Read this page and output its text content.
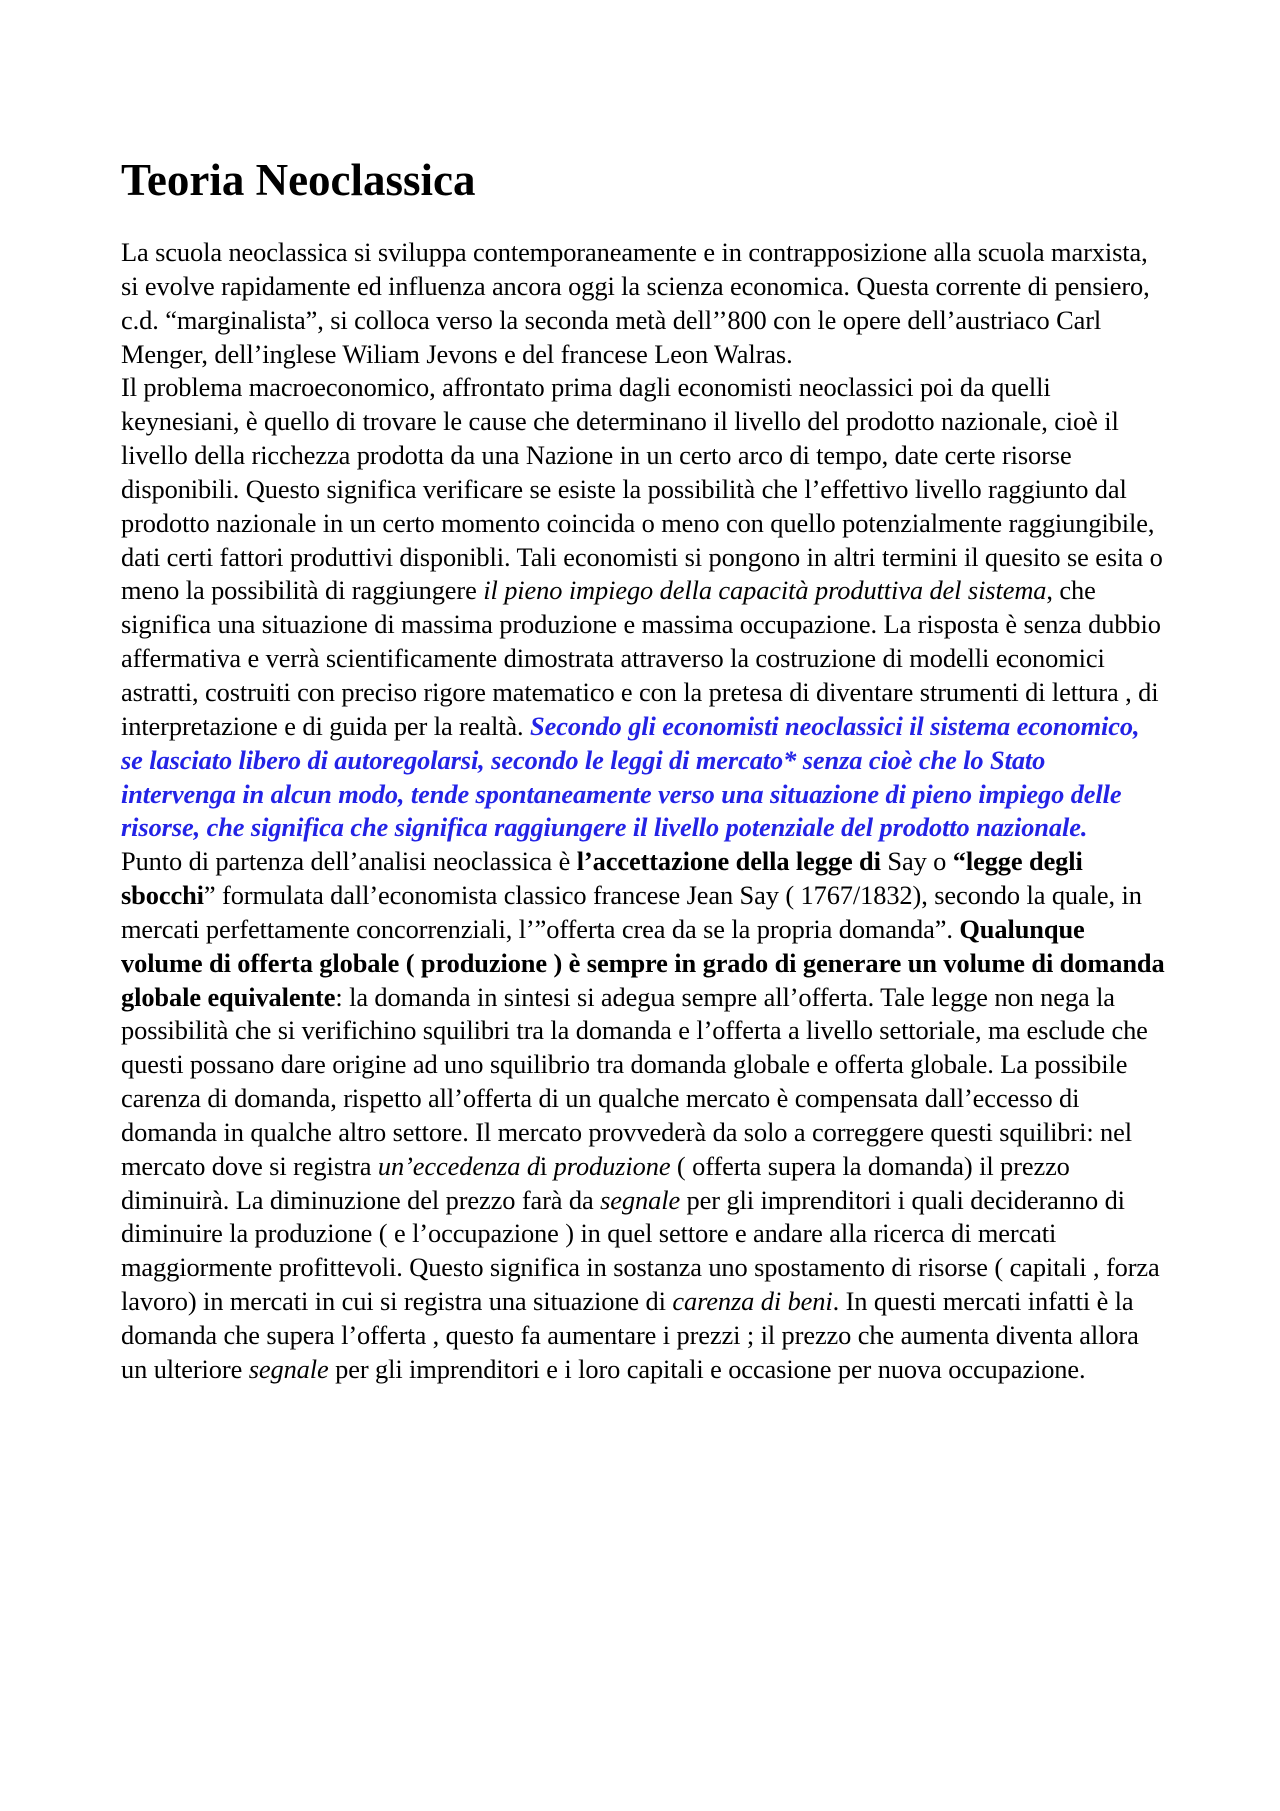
Teoria Neoclassica

La scuola neoclassica si sviluppa contemporaneamente e in contrapposizione alla scuola marxista, si evolve rapidamente ed influenza ancora oggi la scienza economica. Questa corrente di pensiero, c.d. “marginalista”, si colloca verso la seconda metà dell’’800 con le opere dell’austriaco Carl Menger, dell’inglese Wiliam Jevons e del francese Leon Walras.

Il problema macroeconomico, affrontato prima dagli economisti neoclassici poi da quelli keynesiani, è quello di trovare le cause che determinano il livello del prodotto nazionale, cioè il livello della ricchezza prodotta da una Nazione in un certo arco di tempo, date certe risorse disponibili. Questo significa verificare se esiste la possibilità che l’effettivo livello raggiunto dal prodotto nazionale in un certo momento coincida o meno con quello potenzialmente raggiungibile, dati certi fattori produttivi disponibli. Tali economisti si pongono in altri termini il quesito se esita o meno la possibilità di raggiungere il pieno impiego della capacità produttiva del sistema, che significa una situazione di massima produzione e massima occupazione. La risposta è senza dubbio affermativa e verrà scientificamente dimostrata attraverso la costruzione di modelli economici astratti, costruiti con preciso rigore matematico e con la pretesa di diventare strumenti di lettura , di interpretazione e di guida per la realtà. Secondo gli economisti neoclassici il sistema economico, se lasciato libero di autoregolarsi, secondo le leggi di mercato* senza cioè che lo Stato intervenga in alcun modo, tende spontaneamente verso una situazione di pieno impiego delle risorse, che significa che significa raggiungere il livello potenziale del prodotto nazionale.

Punto di partenza dell’analisi neoclassica è l’accettazione della legge di Say o “legge degli sbocchi” formulata dall’economista classico francese Jean Say ( 1767/1832), secondo la quale, in mercati perfettamente concorrenziali, l’”offerta crea da se la propria domanda”. Qualunque volume di offerta globale ( produzione ) è sempre in grado di generare un volume di domanda globale equivalente: la domanda in sintesi si adegua sempre all’offerta. Tale legge non nega la possibilità che si verifichino squilibri tra la domanda e l’offerta a livello settoriale, ma esclude che questi possano dare origine ad uno squilibrio tra domanda globale e offerta globale. La possibile carenza di domanda, rispetto all’offerta di un qualche mercato è compensata dall’eccesso di domanda in qualche altro settore. Il mercato provvederà da solo a correggere questi squilibri: nel mercato dove si registra un’eccedenza di produzione ( offerta supera la domanda) il prezzo diminuirà. La diminuzione del prezzo farà da segnale per gli imprenditori i quali decideranno di diminuire la produzione ( e l’occupazione ) in quel settore e andare alla ricerca di mercati maggiormente profittevoli. Questo significa in sostanza uno spostamento di risorse ( capitali , forza lavoro) in mercati in cui si registra una situazione di carenza di beni. In questi mercati infatti è la domanda che supera l’offerta , questo fa aumentare i prezzi ; il prezzo che aumenta diventa allora un ulteriore segnale per gli imprenditori e i loro capitali e occasione per nuova occupazione.
